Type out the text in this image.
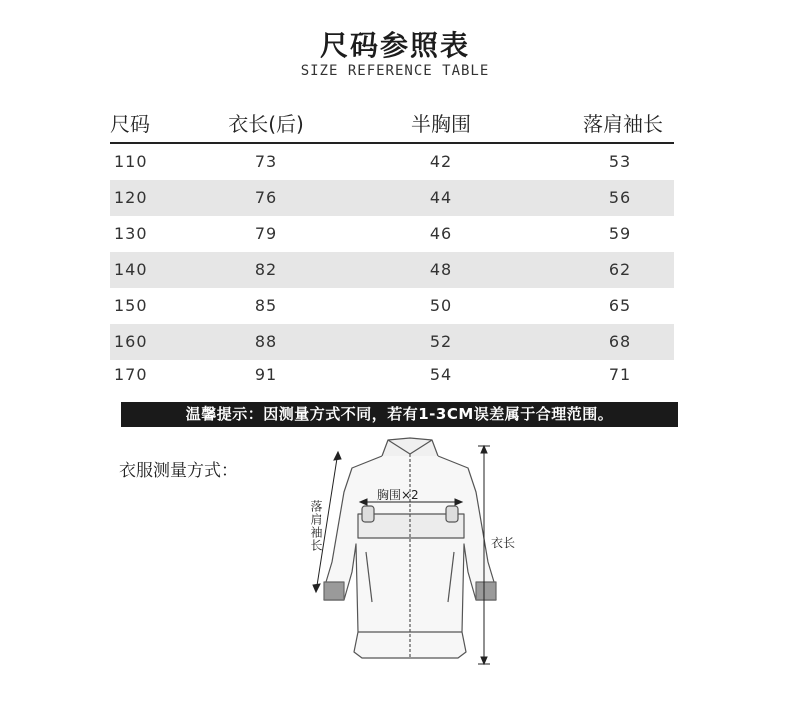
尺码参照表
SIZE REFERENCE TABLE
尺码	衣长(后)	半胸围	落肩袖长
110	73	42	53
120	76	44	56
130	79	46	59
140	82	48	62
150	85	50	65
160	88	52	68
170	91	54	71
温馨提示：因测量方式不同，若有1-3CM误差属于合理范围。
衣服测量方式：
胸围×2
衣长
落肩袖长
